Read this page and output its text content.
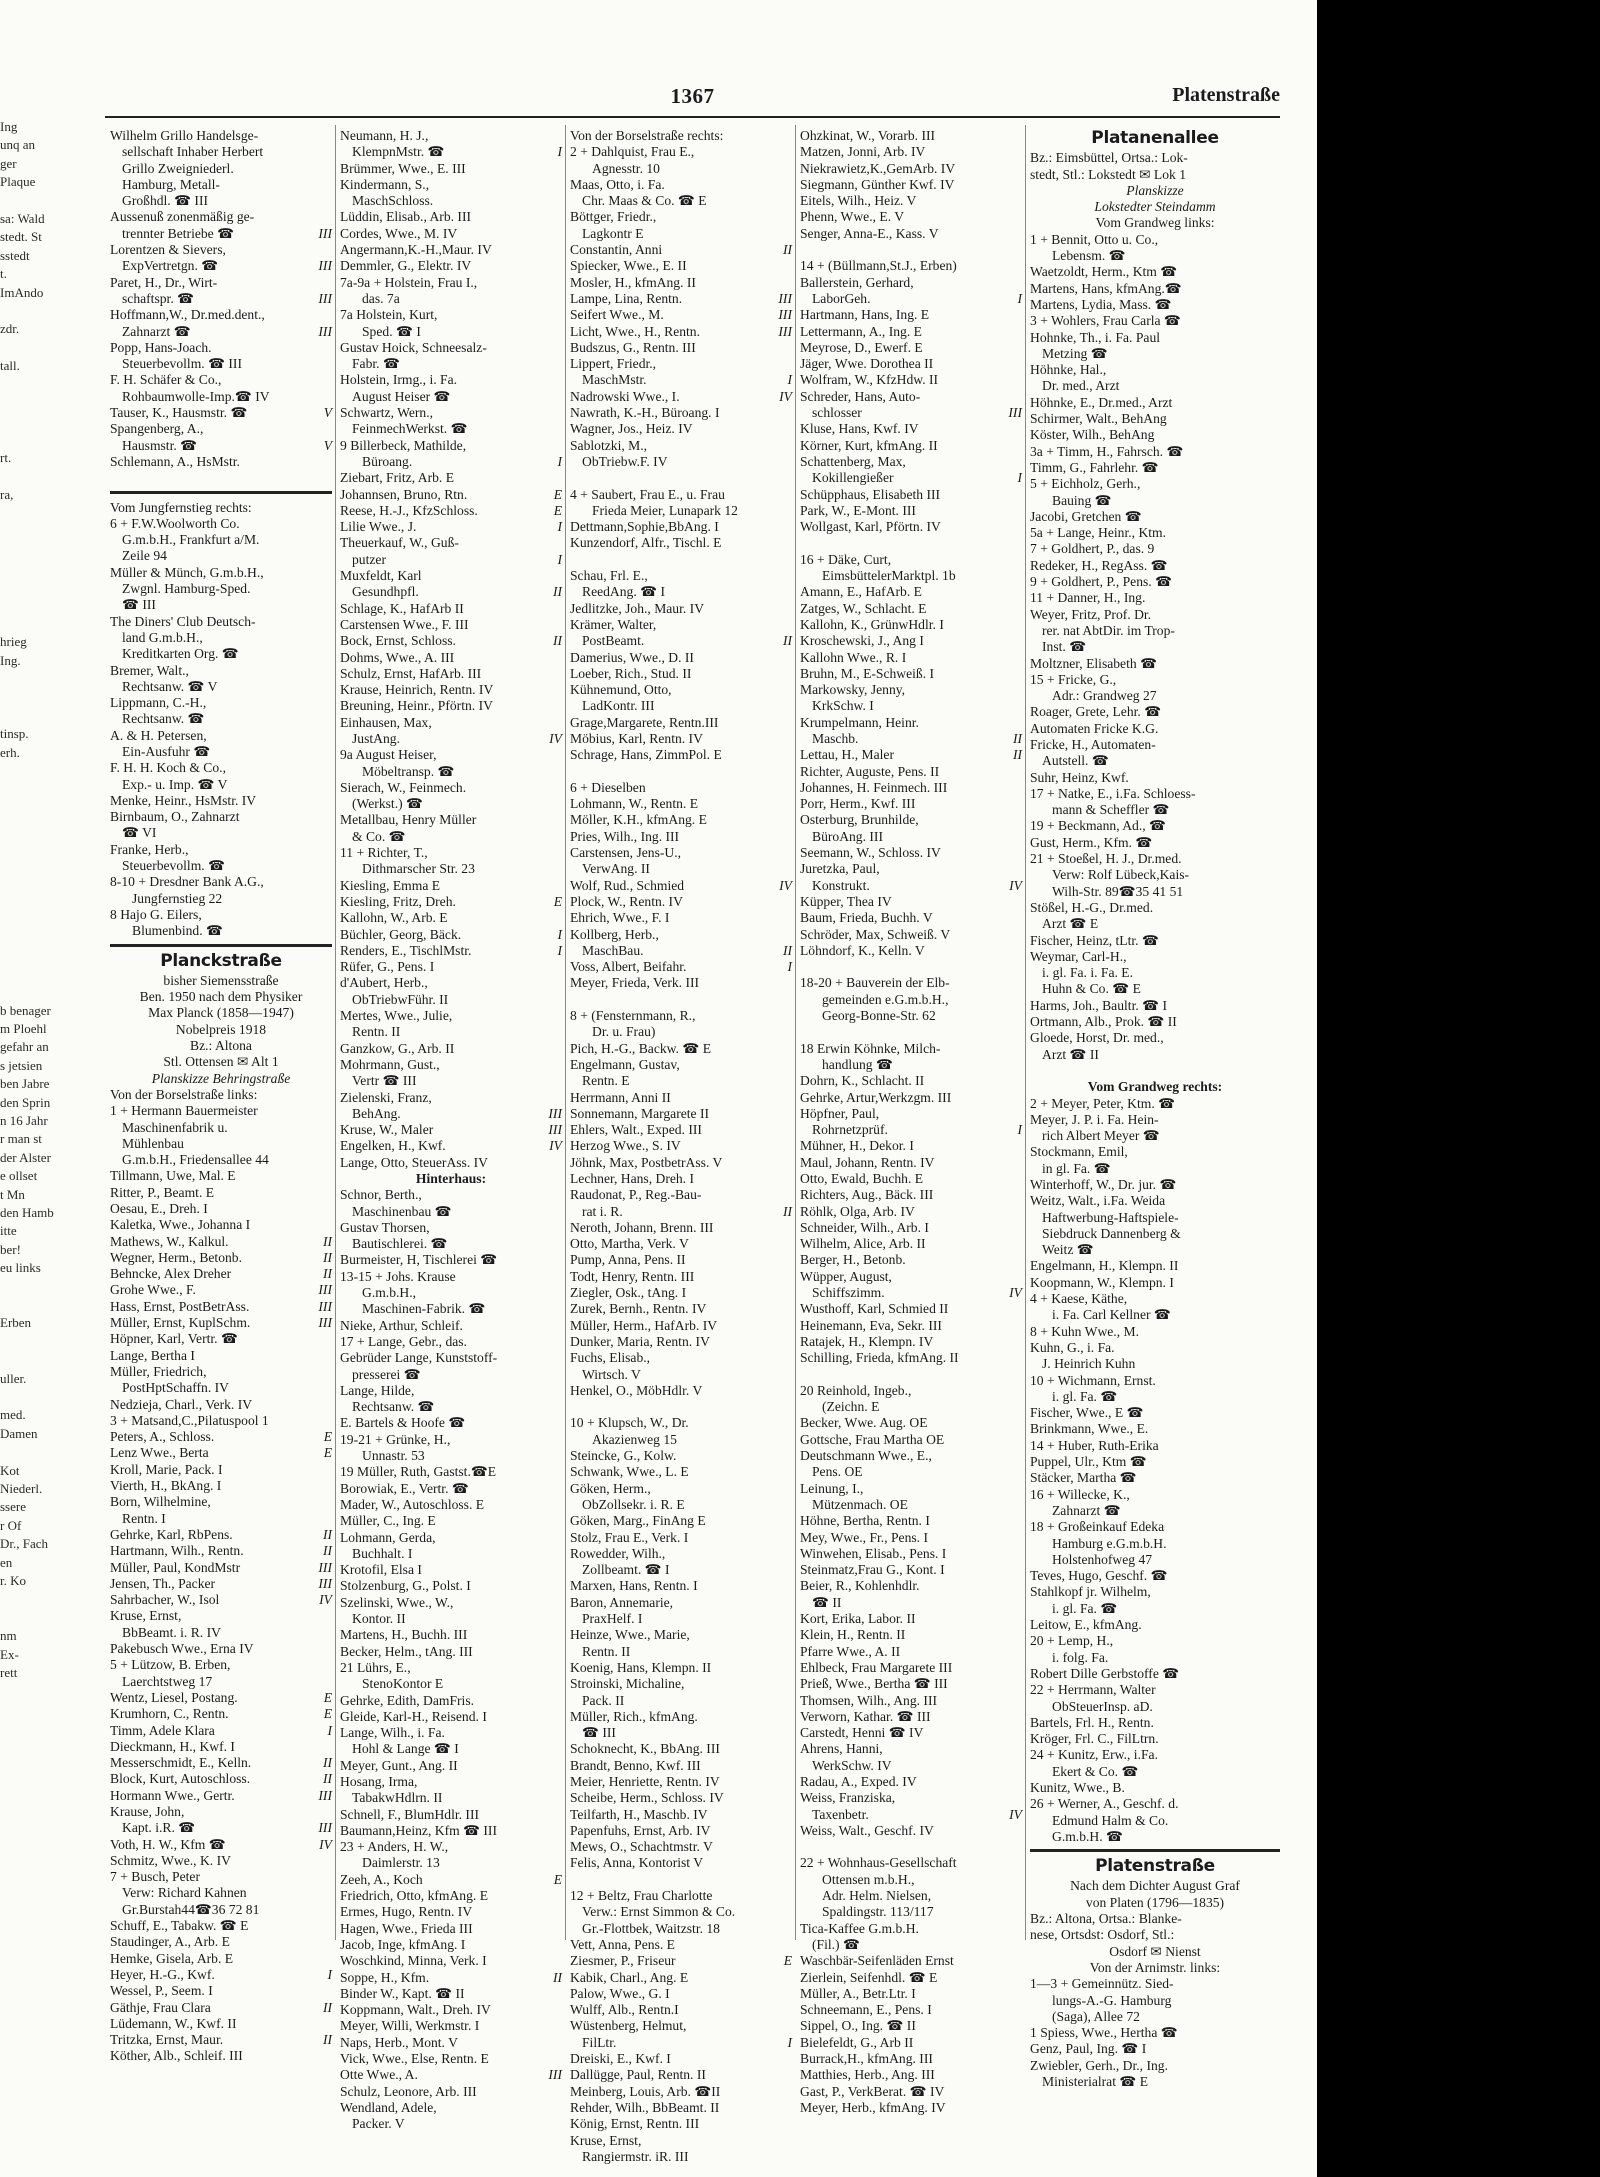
Ing
unq an
ger
Plaque

sa: Wald
stedt. St
sstedt
t.
ImAndo

zdr.

tall.

rt.

ra,

hrieg
Ing.

tinsp.
erh.

b benager
m Ploehl
gefahr an
s jetsien
ben Jabre
den Sprin
n 16 Jahr
r man st
der Alster
e ollset
t Mn
den Hamb
itte
ber!
eu links

Erben

uller.

med.
Damen

Kot
Niederl.
ssere
r Of
Dr., Fach
en
r. Ko

nm
Ex-
rett

1367	Platenstraße
Wilhelm Grillo Handelsge-
sellschaft Inhaber Herbert
Grillo Zweigniederl.
Hamburg, Metall-
Großhdl. ☎ III
Aussenuß zonenmäßig ge-
trennter Betriebe ☎	III
Lorentzen & Sievers,
ExpVertretgn. ☎	III
Paret, H., Dr., Wirt-
schaftspr. ☎	III
Hoffmann,W., Dr.med.dent.,
Zahnarzt ☎	III
Popp, Hans-Joach.
Steuerbevollm. ☎ III
F. H. Schäfer & Co.,
Rohbaumwolle-Imp.☎ IV
Tauser, K., Hausmstr. ☎	V
Spangenberg, A.,
Hausmstr. ☎	V
Schlemann, A., HsMstr.

Vom Jungfernstieg rechts:
6 + F.W.Woolworth Co.
G.m.b.H., Frankfurt a/M.
Zeile 94
Müller & Münch, G.m.b.H.,
Zwgnl. Hamburg-Sped.
☎ III
The Diners' Club Deutsch-
land G.m.b.H.,
Kreditkarten Org. ☎
Bremer, Walt.,
Rechtsanw. ☎ V
Lippmann, C.-H.,
Rechtsanw. ☎
A. & H. Petersen,
Ein-Ausfuhr ☎
F. H. H. Koch & Co.,
Exp.- u. Imp. ☎ V
Menke, Heinr., HsMstr. IV
Birnbaum, O., Zahnarzt
☎ VI
Franke, Herb.,
Steuerbevollm. ☎
8-10 + Dresdner Bank A.G.,
Jungfernstieg 22
8 Hajo G. Eilers,
Blumenbind. ☎
Planckstraße
bisher Siemensstraße
Ben. 1950 nach dem Physiker
Max Planck (1858—1947)
Nobelpreis 1918
Bz.: Altona
Stl. Ottensen ✉ Alt 1
Planskizze Behringstraße
Von der Borselstraße links:
1 + Hermann Bauermeister
Maschinenfabrik u.
Mühlenbau
G.m.b.H., Friedensallee 44
Tillmann, Uwe, Mal. E
Ritter, P., Beamt. E
Oesau, E., Dreh. I
Kaletka, Wwe., Johanna I
Mathews, W., Kalkul.	II
Wegner, Herm., Betonb.	II
Behncke, Alex Dreher	II
Grohe Wwe., F.	III
Hass, Ernst, PostBetrAss.	III
Müller, Ernst, KuplSchm.	III
Höpner, Karl, Vertr. ☎
Lange, Bertha I
Müller, Friedrich,
PostHptSchaffn. IV
Nedzieja, Charl., Verk. IV
3 + Matsand,C.,Pilatuspool 1
Peters, A., Schloss.	E
Lenz Wwe., Berta	E
Kroll, Marie, Pack. I
Vierth, H., BkAng. I
Born, Wilhelmine,
Rentn. I
Gehrke, Karl, RbPens.	II
Hartmann, Wilh., Rentn.	II
Müller, Paul, KondMstr	III
Jensen, Th., Packer	III
Sahrbacher, W., Isol	IV
Kruse, Ernst,
BbBeamt. i. R. IV
Pakebusch Wwe., Erna IV
5 + Lützow, B. Erben,
Laerchtstweg 17
Wentz, Liesel, Postang.	E
Krumhorn, C., Rentn.	E
Timm, Adele Klara	I
Dieckmann, H., Kwf. I
Messerschmidt, E., Kelln.	II
Block, Kurt, Autoschloss.	II
Hormann Wwe., Gertr.	III
Krause, John,
Kapt. i.R. ☎	III
Voth, H. W., Kfm ☎	IV
Schmitz, Wwe., K. IV
7 + Busch, Peter
Verw: Richard Kahnen
Gr.Burstah44☎36 72 81
Schuff, E., Tabakw. ☎ E
Staudinger, A., Arb. E
Hemke, Gisela, Arb. E
Heyer, H.-G., Kwf.	I
Wessel, P., Seem. I
Gäthje, Frau Clara	II
Lüdemann, W., Kwf. II
Tritzka, Ernst, Maur.	II
Köther, Alb., Schleif. III
Neumann, H. J.,
KlempnMstr. ☎	I
Brümmer, Wwe., E. III
Kindermann, S.,
MaschSchloss.
Lüddin, Elisab., Arb. III
Cordes, Wwe., M. IV
Angermann,K.-H.,Maur. IV
Demmler, G., Elektr. IV
7a-9a + Holstein, Frau I.,
das. 7a
7a Holstein, Kurt,
Sped. ☎ I
Gustav Hoick, Schneesalz-
Fabr. ☎
Holstein, Irmg., i. Fa.
August Heiser ☎
Schwartz, Wern.,
FeinmechWerkst. ☎
9 Billerbeck, Mathilde,
Büroang.	I
Ziebart, Fritz, Arb. E
Johannsen, Bruno, Rtn.	E
Reese, H.-J., KfzSchloss.	E
Lilie Wwe., J.	I
Theuerkauf, W., Guß-
putzer	I
Muxfeldt, Karl
Gesundhpfl.	II
Schlage, K., HafArb II
Carstensen Wwe., F. III
Bock, Ernst, Schloss.	II
Dohms, Wwe., A. III
Schulz, Ernst, HafArb. III
Krause, Heinrich, Rentn. IV
Breuning, Heinr., Pförtn. IV
Einhausen, Max,
JustAng.	IV
9a August Heiser,
Möbeltransp. ☎
Sierach, W., Feinmech.
(Werkst.) ☎
Metallbau, Henry Müller
& Co. ☎
11 + Richter, T.,
Dithmarscher Str. 23
Kiesling, Emma E
Kiesling, Fritz, Dreh.	E
Kallohn, W., Arb. E
Büchler, Georg, Bäck.	I
Renders, E., TischlMstr.	I
Rüfer, G., Pens. I
d'Aubert, Herb.,
ObTriebwFühr. II
Mertes, Wwe., Julie,
Rentn. II
Ganzkow, G., Arb. II
Mohrmann, Gust.,
Vertr ☎ III
Zielenski, Franz,
BehAng.	III
Kruse, W., Maler	III
Engelken, H., Kwf.	IV
Lange, Otto, SteuerAss. IV
Hinterhaus:
Schnor, Berth.,
Maschinenbau ☎
Gustav Thorsen,
Bautischlerei. ☎
Burmeister, H, Tischlerei ☎
13-15 + Johs. Krause
G.m.b.H.,
Maschinen-Fabrik. ☎
Nieke, Arthur, Schleif.
17 + Lange, Gebr., das.
Gebrüder Lange, Kunststoff-
presserei ☎
Lange, Hilde,
Rechtsanw. ☎
E. Bartels & Hoofe ☎
19-21 + Grünke, H.,
Unnastr. 53
19 Müller, Ruth, Gastst.☎E
Borowiak, E., Vertr. ☎
Mader, W., Autoschloss. E
Müller, C., Ing. E
Lohmann, Gerda,
Buchhalt. I
Krotofil, Elsa I
Stolzenburg, G., Polst. I
Szelinski, Wwe., W.,
Kontor. II
Martens, H., Buchh. III
Becker, Helm., tAng. III
21 Lührs, E.,
StenoKontor E
Gehrke, Edith, DamFris.
Gleide, Karl-H., Reisend. I
Lange, Wilh., i. Fa.
Hohl & Lange ☎ I
Meyer, Gunt., Ang. II
Hosang, Irma,
TabakwHdlrn. II
Schnell, F., BlumHdlr. III
Baumann,Heinz, Kfm ☎ III
23 + Anders, H. W.,
Daimlerstr. 13
Zeeh, A., Koch	E
Friedrich, Otto, kfmAng. E
Ermes, Hugo, Rentn. IV
Hagen, Wwe., Frieda III
Jacob, Inge, kfmAng. I
Woschkind, Minna, Verk. I
Soppe, H., Kfm.	II
Binder W., Kapt. ☎ II
Koppmann, Walt., Dreh. IV
Meyer, Willi, Werkmstr. I
Naps, Herb., Mont. V
Vick, Wwe., Else, Rentn. E
Otte Wwe., A.	III
Schulz, Leonore, Arb. III
Wendland, Adele,
Packer. V
Von der Borselstraße rechts:
2 + Dahlquist, Frau E.,
Agnesstr. 10
Maas, Otto, i. Fa.
Chr. Maas & Co. ☎ E
Böttger, Friedr.,
Lagkontr E
Constantin, Anni	II
Spiecker, Wwe., E. II
Mosler, H., kfmAng. II
Lampe, Lina, Rentn.	III
Seifert Wwe., M.	III
Licht, Wwe., H., Rentn.	III
Budszus, G., Rentn. III
Lippert, Friedr.,
MaschMstr.	I
Nadrowski Wwe., I.	IV
Nawrath, K.-H., Büroang. I
Wagner, Jos., Heiz. IV
Sablotzki, M.,
ObTriebw.F. IV

4 + Saubert, Frau E., u. Frau
Frieda Meier, Lunapark 12
Dettmann,Sophie,BbAng. I
Kunzendorf, Alfr., Tischl. E

Schau, Frl. E.,
ReedAng. ☎ I
Jedlitzke, Joh., Maur. IV
Krämer, Walter,
PostBeamt.	II
Damerius, Wwe., D. II
Loeber, Rich., Stud. II
Kühnemund, Otto,
LadKontr. III
Grage,Margarete, Rentn.III
Möbius, Karl, Rentn. IV
Schrage, Hans, ZimmPol. E

6 + Dieselben
Lohmann, W., Rentn. E
Möller, K.H., kfmAng. E
Pries, Wilh., Ing. III
Carstensen, Jens-U.,
VerwAng. II
Wolf, Rud., Schmied	IV
Plock, W., Rentn. IV
Ehrich, Wwe., F. I
Kollberg, Herb.,
MaschBau.	II
Voss, Albert, Beifahr.	I
Meyer, Frieda, Verk. III

8 + (Fensternmann, R.,
Dr. u. Frau)
Pich, H.-G., Backw. ☎ E
Engelmann, Gustav,
Rentn. E
Herrmann, Anni II
Sonnemann, Margarete II
Ehlers, Walt., Exped. III
Herzog Wwe., S. IV
Jöhnk, Max, PostbetrAss. V
Lechner, Hans, Dreh. I
Raudonat, P., Reg.-Bau-
rat i. R.	II
Neroth, Johann, Brenn. III
Otto, Martha, Verk. V
Pump, Anna, Pens. II
Todt, Henry, Rentn. III
Ziegler, Osk., tAng. I
Zurek, Bernh., Rentn. IV
Müller, Herm., HafArb. IV
Dunker, Maria, Rentn. IV
Fuchs, Elisab.,
Wirtsch. V
Henkel, O., MöbHdlr. V

10 + Klupsch, W., Dr.
Akazienweg 15
Steincke, G., Kolw.
Schwank, Wwe., L. E
Göken, Herm.,
ObZollsekr. i. R. E
Göken, Marg., FinAng E
Stolz, Frau E., Verk. I
Rowedder, Wilh.,
Zollbeamt. ☎ I
Marxen, Hans, Rentn. I
Baron, Annemarie,
PraxHelf. I
Heinze, Wwe., Marie,
Rentn. II
Koenig, Hans, Klempn. II
Stroinski, Michaline,
Pack. II
Müller, Rich., kfmAng.
☎ III
Schoknecht, K., BbAng. III
Brandt, Benno, Kwf. III
Meier, Henriette, Rentn. IV
Scheibe, Herm., Schloss. IV
Teilfarth, H., Maschb. IV
Papenfuhs, Ernst, Arb. IV
Mews, O., Schachtmstr. V
Felis, Anna, Kontorist V

12 + Beltz, Frau Charlotte
Verw.: Ernst Simmon & Co.
Gr.-Flottbek, Waitzstr. 18
Vett, Anna, Pens. E
Ziesmer, P., Friseur	E
Kabik, Charl., Ang. E
Palow, Wwe., G. I
Wulff, Alb., Rentn.I
Wüstenberg, Helmut,
FilLtr.	I
Dreiski, E., Kwf. I
Dallügge, Paul, Rentn. II
Meinberg, Louis, Arb. ☎II
Rehder, Wilh., BbBeamt. II
König, Ernst, Rentn. III
Kruse, Ernst,
Rangiermstr. iR. III
Ohzkinat, W., Vorarb. III
Matzen, Jonni, Arb. IV
Niekrawietz,K.,GemArb. IV
Siegmann, Günther Kwf. IV
Eitels, Wilh., Heiz. V
Phenn, Wwe., E. V
Senger, Anna-E., Kass. V

14 + (Büllmann,St.J., Erben)
Ballerstein, Gerhard,
LaborGeh.	I
Hartmann, Hans, Ing. E
Lettermann, A., Ing. E
Meyrose, D., Ewerf. E
Jäger, Wwe. Dorothea II
Wolfram, W., KfzHdw. II
Schreder, Hans, Auto-
schlosser	III
Kluse, Hans, Kwf. IV
Körner, Kurt, kfmAng. II
Schattenberg, Max,
Kokillengießer	I
Schüpphaus, Elisabeth III
Park, W., E-Mont. III
Wollgast, Karl, Pförtn. IV

16 + Däke, Curt,
EimsbüttelerMarktpl. 1b
Amann, E., HafArb. E
Zatges, W., Schlacht. E
Kallohn, K., GrünwHdlr. I
Kroschewski, J., Ang I
Kallohn Wwe., R. I
Bruhn, M., E-Schweiß. I
Markowsky, Jenny,
KrkSchw. I
Krumpelmann, Heinr.
Maschb.	II
Lettau, H., Maler	II
Richter, Auguste, Pens. II
Johannes, H. Feinmech. III
Porr, Herm., Kwf. III
Osterburg, Brunhilde,
BüroAng. III
Seemann, W., Schloss. IV
Juretzka, Paul,
Konstrukt.	IV
Küpper, Thea IV
Baum, Frieda, Buchh. V
Schröder, Max, Schweiß. V
Löhndorf, K., Kelln. V

18-20 + Bauverein der Elb-
gemeinden e.G.m.b.H.,
Georg-Bonne-Str. 62

18 Erwin Köhnke, Milch-
handlung ☎
Dohrn, K., Schlacht. II
Gehrke, Artur,Werkzgm. III
Höpfner, Paul,
Rohrnetzprüf.	I
Mühner, H., Dekor. I
Maul, Johann, Rentn. IV
Otto, Ewald, Buchh. E
Richters, Aug., Bäck. III
Röhlk, Olga, Arb. IV
Schneider, Wilh., Arb. I
Wilhelm, Alice, Arb. II
Berger, H., Betonb.
Wüpper, August,
Schiffszimm.	IV
Wusthoff, Karl, Schmied II
Heinemann, Eva, Sekr. III
Ratajek, H., Klempn. IV
Schilling, Frieda, kfmAng. II

20 Reinhold, Ingeb.,
(Zeichn. E
Becker, Wwe. Aug. OE
Gottsche, Frau Martha OE
Deutschmann Wwe., E.,
Pens. OE
Leinung, I.,
Mützenmach. OE
Höhne, Bertha, Rentn. I
Mey, Wwe., Fr., Pens. I
Winwehen, Elisab., Pens. I
Steinmatz,Frau G., Kont. I
Beier, R., Kohlenhdlr.
☎ II
Kort, Erika, Labor. II
Klein, H., Rentn. II
Pfarre Wwe., A. II
Ehlbeck, Frau Margarete III
Prieß, Wwe., Bertha ☎ III
Thomsen, Wilh., Ang. III
Verworn, Kathar. ☎ III
Carstedt, Henni ☎ IV
Ahrens, Hanni,
WerkSchw. IV
Radau, A., Exped. IV
Weiss, Franziska,
Taxenbetr.	IV
Weiss, Walt., Geschf. IV

22 + Wohnhaus-Gesellschaft
Ottensen m.b.H.,
Adr. Helm. Nielsen,
Spaldingstr. 113/117
Tica-Kaffee G.m.b.H.
(Fil.) ☎
Waschbär-Seifenläden Ernst
Zierlein, Seifenhdl. ☎ E
Müller, A., Betr.Ltr. I
Schneemann, E., Pens. I
Sippel, O., Ing. ☎ II
Bielefeldt, G., Arb II
Burrack,H., kfmAng. III
Matthies, Herb., Ang. III
Gast, P., VerkBerat. ☎ IV
Meyer, Herb., kfmAng. IV
Platanenallee
Bz.: Eimsbüttel, Ortsa.: Lok-
stedt, Stl.: Lokstedt ✉ Lok 1
Planskizze
Lokstedter Steindamm
Vom Grandweg links:
1 + Bennit, Otto u. Co.,
Lebensm. ☎
Waetzoldt, Herm., Ktm ☎
Martens, Hans, kfmAng.☎
Martens, Lydia, Mass. ☎
3 + Wohlers, Frau Carla ☎
Hohnke, Th., i. Fa. Paul
Metzing ☎
Höhnke, Hal.,
Dr. med., Arzt
Höhnke, E., Dr.med., Arzt
Schirmer, Walt., BehAng
Köster, Wilh., BehAng
3a + Timm, H., Fahrsch. ☎
Timm, G., Fahrlehr. ☎
5 + Eichholz, Gerh.,
Bauing ☎
Jacobi, Gretchen ☎
5a + Lange, Heinr., Ktm.
7 + Goldhert, P., das. 9
Redeker, H., RegAss. ☎
9 + Goldhert, P., Pens. ☎
11 + Danner, H., Ing.
Weyer, Fritz, Prof. Dr.
rer. nat AbtDir. im Trop-
Inst. ☎
Moltzner, Elisabeth ☎
15 + Fricke, G.,
Adr.: Grandweg 27
Roager, Grete, Lehr. ☎
Automaten Fricke K.G.
Fricke, H., Automaten-
Autstell. ☎
Suhr, Heinz, Kwf.
17 + Natke, E., i.Fa. Schloess-
mann & Scheffler ☎
19 + Beckmann, Ad., ☎
Gust, Herm., Kfm. ☎
21 + Stoeßel, H. J., Dr.med.
Verw: Rolf Lübeck,Kais-
Wilh-Str. 89☎35 41 51
Stößel, H.-G., Dr.med.
Arzt ☎ E
Fischer, Heinz, tLtr. ☎
Weymar, Carl-H.,
i. gl. Fa. i. Fa. E.
Huhn & Co. ☎ E
Harms, Joh., Baultr. ☎ I
Ortmann, Alb., Prok. ☎ II
Gloede, Horst, Dr. med.,
Arzt ☎ II

Vom Grandweg rechts:
2 + Meyer, Peter, Ktm. ☎
Meyer, J. P. i. Fa. Hein-
rich Albert Meyer ☎
Stockmann, Emil,
in gl. Fa. ☎
Winterhoff, W., Dr. jur. ☎
Weitz, Walt., i.Fa. Weida
Haftwerbung-Haftspiele-
Siebdruck Dannenberg &
Weitz ☎
Engelmann, H., Klempn. II
Koopmann, W., Klempn. I
4 + Kaese, Käthe,
i. Fa. Carl Kellner ☎
8 + Kuhn Wwe., M.
Kuhn, G., i. Fa.
J. Heinrich Kuhn
10 + Wichmann, Ernst.
i. gl. Fa. ☎
Fischer, Wwe., E ☎
Brinkmann, Wwe., E.
14 + Huber, Ruth-Erika
Puppel, Ulr., Ktm ☎
Stäcker, Martha ☎
16 + Willecke, K.,
Zahnarzt ☎
18 + Großeinkauf Edeka
Hamburg e.G.m.b.H.
Holstenhofweg 47
Teves, Hugo, Geschf. ☎
Stahlkopf jr. Wilhelm,
i. gl. Fa. ☎
Leitow, E., kfmAng.
20 + Lemp, H.,
i. folg. Fa.
Robert Dille Gerbstoffe ☎
22 + Herrmann, Walter
ObSteuerInsp. aD.
Bartels, Frl. H., Rentn.
Kröger, Frl. C., FilLtrn.
24 + Kunitz, Erw., i.Fa.
Ekert & Co. ☎
Kunitz, Wwe., B.
26 + Werner, A., Geschf. d.
Edmund Halm & Co.
G.m.b.H. ☎
Platenstraße
Nach dem Dichter August Graf
von Platen (1796—1835)
Bz.: Altona, Ortsa.: Blanke-
nese, Ortsdst: Osdorf, Stl.:
Osdorf ✉ Nienst
Von der Arnimstr. links:
1—3 + Gemeinnütz. Sied-
lungs-A.-G. Hamburg
(Saga), Allee 72
1 Spiess, Wwe., Hertha ☎
Genz, Paul, Ing. ☎ I
Zwiebler, Gerh., Dr., Ing.
Ministerialrat ☎ E
